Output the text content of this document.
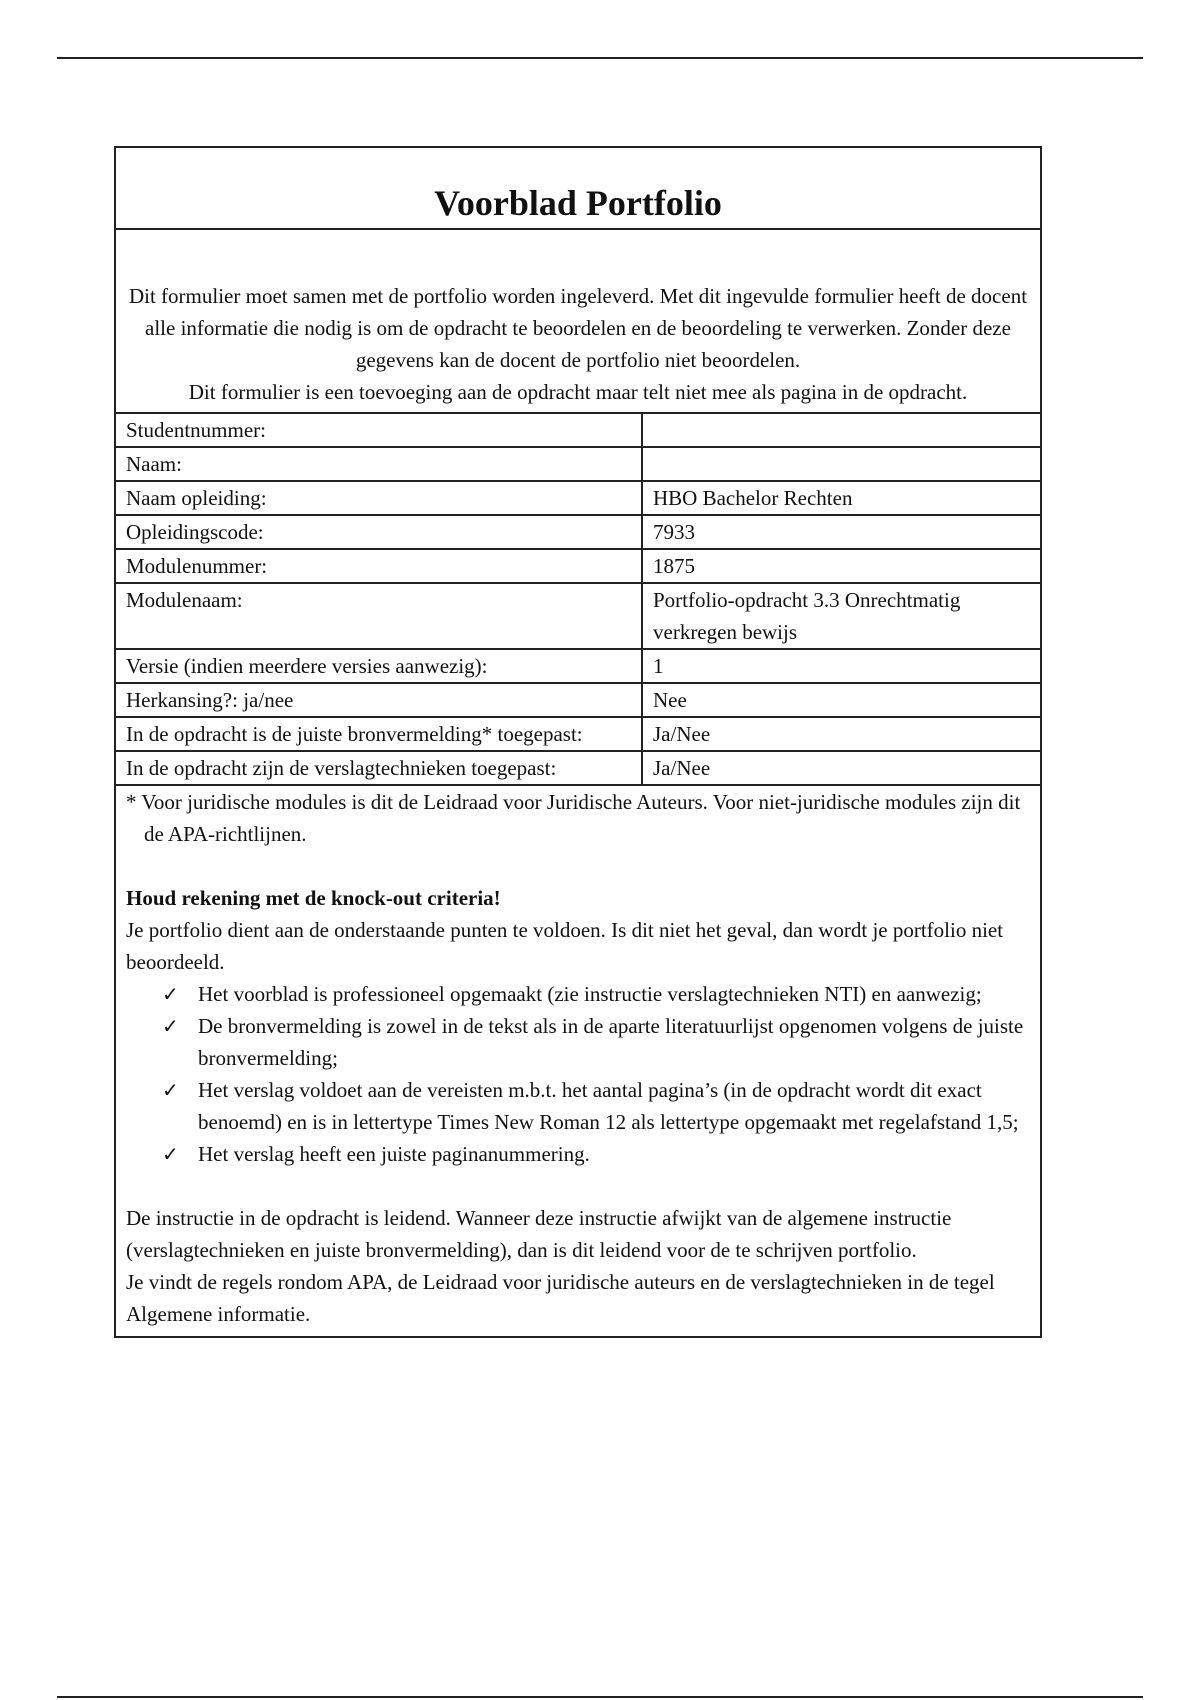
Voorblad Portfolio

Dit formulier moet samen met de portfolio worden ingeleverd. Met dit ingevulde formulier heeft de docent alle informatie die nodig is om de opdracht te beoordelen en de beoordeling te verwerken. Zonder deze gegevens kan de docent de portfolio niet beoordelen.

Dit formulier is een toevoeging aan de opdracht maar telt niet mee als pagina in de opdracht.

Studentnummer:	
Naam:	
Naam opleiding:	HBO Bachelor Rechten
Opleidingscode:	7933
Modulenummer:	1875
Modulenaam:	Portfolio-opdracht 3.3 Onrechtmatig verkregen bewijs
Versie (indien meerdere versies aanwezig):	1
Herkansing?: ja/nee	Nee
In de opdracht is de juiste bronvermelding* toegepast:	Ja/Nee
In de opdracht zijn de verslagtechnieken toegepast:	Ja/Nee

* Voor juridische modules is dit de Leidraad voor Juridische Auteurs. Voor niet-juridische modules zijn dit de APA-richtlijnen.

Houd rekening met de knock-out criteria!

Je portfolio dient aan de onderstaande punten te voldoen. Is dit niet het geval, dan wordt je portfolio niet beoordeeld.

✓ Het voorblad is professioneel opgemaakt (zie instructie verslagtechnieken NTI) en aanwezig;
✓ De bronvermelding is zowel in de tekst als in de aparte literatuurlijst opgenomen volgens de juiste bronvermelding;
✓ Het verslag voldoet aan de vereisten m.b.t. het aantal pagina’s (in de opdracht wordt dit exact benoemd) en is in lettertype Times New Roman 12 als lettertype opgemaakt met regelafstand 1,5;
✓ Het verslag heeft een juiste paginanummering.

De instructie in de opdracht is leidend. Wanneer deze instructie afwijkt van de algemene instructie (verslagtechnieken en juiste bronvermelding), dan is dit leidend voor de te schrijven portfolio.

Je vindt de regels rondom APA, de Leidraad voor juridische auteurs en de verslagtechnieken in de tegel Algemene informatie.
